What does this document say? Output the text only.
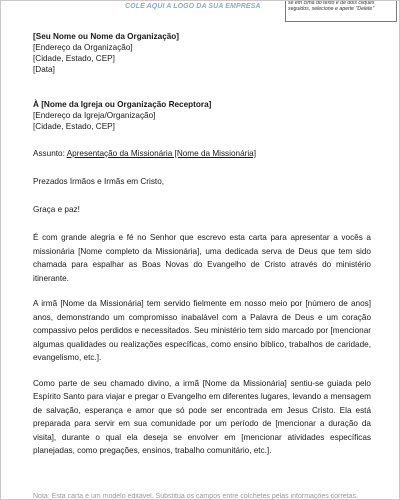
COLE AQUI A LOGO DA SUA EMPRESA	se em cima do texto e dê dois cliques seguidos, selecione e aperte "Delete"
[Seu Nome ou Nome da Organização]
[Endereço da Organização]
[Cidade, Estado, CEP]
[Data]
À [Nome da Igreja ou Organização Receptora]
[Endereço da Igreja/Organização]
[Cidade, Estado, CEP]
Assunto: Apresentação da Missionária [Nome da Missionária]
Prezados Irmãos e Irmãs em Cristo,
Graça e paz!
É com grande alegria e fé no Senhor que escrevo esta carta para apresentar a vocês a missionária [Nome completo da Missionária], uma dedicada serva de Deus que tem sido chamada para espalhar as Boas Novas do Evangelho de Cristo através do ministério itinerante.
A irmã [Nome da Missionária] tem servido fielmente em nosso meio por [número de anos] anos, demonstrando um compromisso inabalável com a Palavra de Deus e um coração compassivo pelos perdidos e necessitados. Seu ministério tem sido marcado por [mencionar algumas qualidades ou realizações específicas, como ensino bíblico, trabalhos de caridade, evangelismo, etc.].
Como parte de seu chamado divino, a irmã [Nome da Missionária] sentiu-se guiada pelo Espírito Santo para viajar e pregar o Evangelho em diferentes lugares, levando a mensagem de salvação, esperança e amor que só pode ser encontrada em Jesus Cristo. Ela está preparada para servir em sua comunidade por um período de [mencionar a duração da visita], durante o qual ela deseja se envolver em [mencionar atividades específicas planejadas, como pregações, ensinos, trabalho comunitário, etc.].
Nota: Esta carta é um modelo editável. Substitua os campos entre colchetes pelas informações corretas.
